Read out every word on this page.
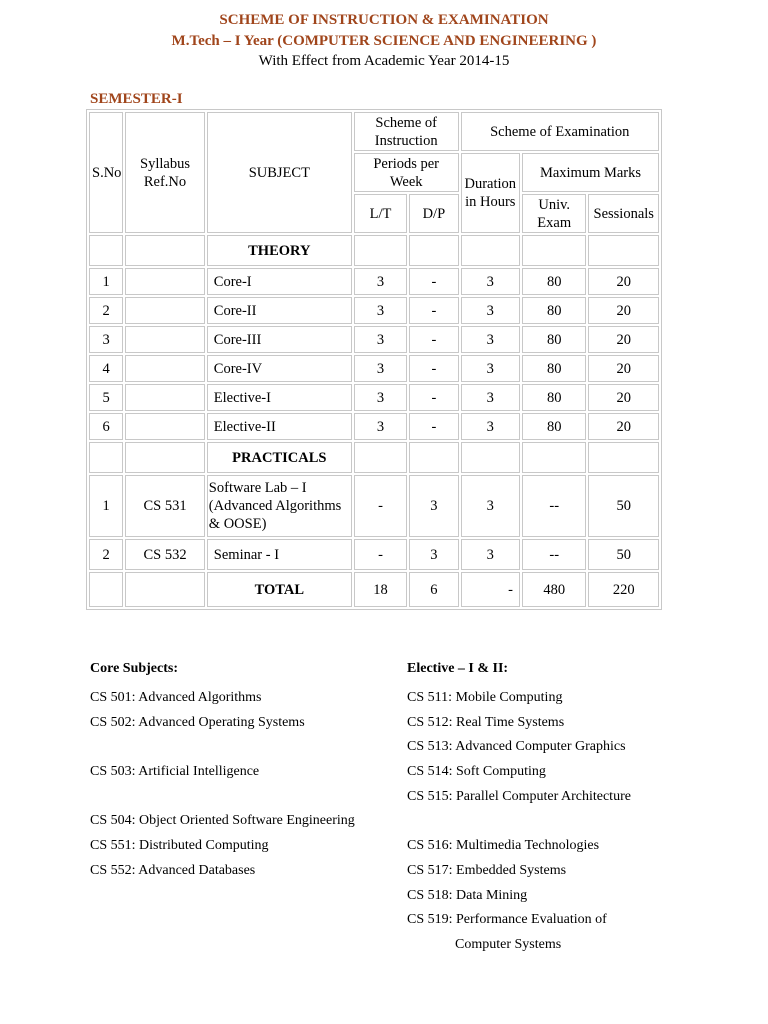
SCHEME OF INSTRUCTION & EXAMINATION
M.Tech – I Year (COMPUTER SCIENCE AND ENGINEERING )
With Effect from Academic Year 2014-15
SEMESTER-I
S.No	Syllabus Ref.No	SUBJECT	Scheme of Instruction		Scheme of Examination		
			Periods per Week		Duration in Hours	Maximum Marks	
			L/T	D/P		Univ. Exam	Sessionals
		THEORY					
1		Core-I	3	-	3	80	20
2		Core-II	3	-	3	80	20
3		Core-III	3	-	3	80	20
4		Core-IV	3	-	3	80	20
5		Elective-I	3	-	3	80	20
6		Elective-II	3	-	3	80	20
		PRACTICALS					
1	CS 531	Software Lab – I (Advanced Algorithms & OOSE)	-	3	3	--	50
2	CS 532	Seminar - I	-	3	3	--	50
		TOTAL	18	6	-	480	220
Core Subjects:
CS 501: Advanced Algorithms
CS 502: Advanced Operating Systems
CS 503: Artificial Intelligence
CS 504: Object Oriented Software Engineering
CS 551: Distributed Computing
CS 552: Advanced Databases
Elective – I & II:
CS 511: Mobile Computing
CS 512: Real Time Systems
CS 513: Advanced Computer Graphics
CS 514: Soft Computing
CS 515: Parallel Computer Architecture
CS 516: Multimedia Technologies
CS 517: Embedded Systems
CS 518: Data Mining
CS 519: Performance Evaluation of
Computer Systems
